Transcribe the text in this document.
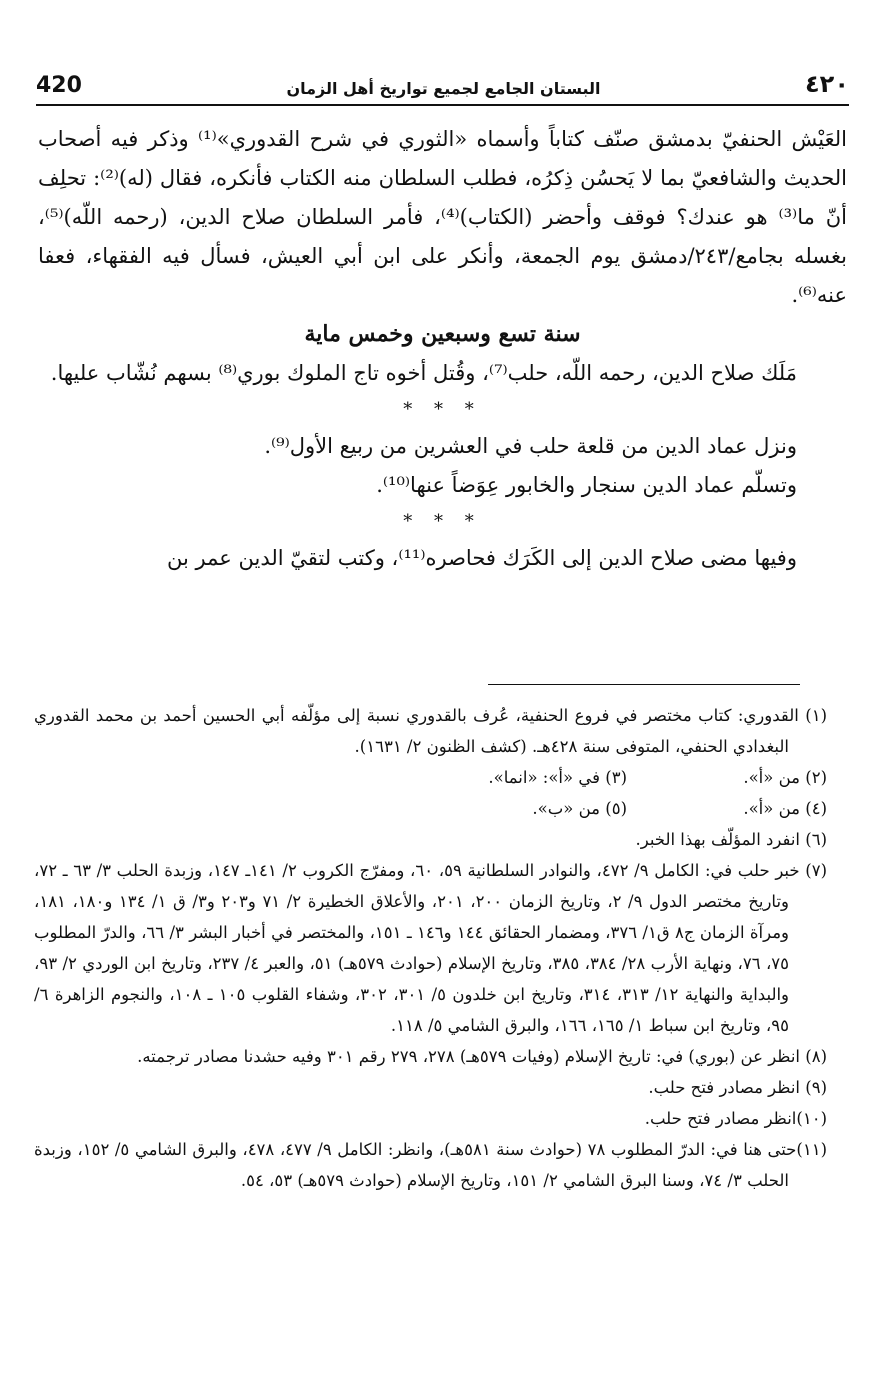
420	البستان الجامع لجميع تواريخ أهل الزمان	٤٢٠

العَيْش الحنفيّ بدمشق صنّف كتاباً وأسماه «الثوري في شرح القدوري»⁽¹⁾ وذكر فيه أصحاب الحديث والشافعيّ بما لا يَحسُن ذِكرُه، فطلب السلطان منه الكتاب فأنكره، فقال (له)⁽²⁾: تحلِف أنّ ما⁽³⁾ هو عندك؟ فوقف وأحضر (الكتاب)⁽⁴⁾، فأمر السلطان صلاح الدين، (رحمه اللّه)⁽⁵⁾، بغسله بجامع/٢٤٣/دمشق يوم الجمعة، وأنكر على ابن أبي العيش، فسأل فيه الفقهاء، فعفا عنه⁽⁶⁾.

سنة تسع وسبعين وخمس ماية

مَلَك صلاح الدين، رحمه اللّه، حلب⁽⁷⁾، وقُتل أخوه تاج الملوك بوري⁽⁸⁾ بسهم نُشّاب عليها.

* * *

ونزل عماد الدين من قلعة حلب في العشرين من ربيع الأول⁽⁹⁾.

وتسلّم عماد الدين سنجار والخابور عِوَضاً عنها⁽¹⁰⁾.

* * *

وفيها مضى صلاح الدين إلى الكَرَك فحاصره⁽¹¹⁾، وكتب لتقيّ الدين عمر بن

(١) القدوري: كتاب مختصر في فروع الحنفية، عُرف بالقدوري نسبة إلى مؤلّفه أبي الحسين أحمد بن محمد القدوري البغدادي الحنفي، المتوفى سنة ٤٢٨هـ. (كشف الظنون ٢/ ١٦٣١).

(٢) من «أ».
(٣) في «أ»: «انما».

(٤) من «أ».
(٥) من «ب».

(٦) انفرد المؤلّف بهذا الخبر.

(٧) خبر حلب في: الكامل ٩/ ٤٧٢، والنوادر السلطانية ٥٩، ٦٠، ومفرّج الكروب ٢/ ١٤١ـ ١٤٧، وزبدة الحلب ٣/ ٦٣ ـ ٧٢، وتاريخ مختصر الدول ٩/ ٢، وتاريخ الزمان ٢٠٠، ٢٠١، والأعلاق الخطيرة ٢/ ٧١ و٢٠٣ و٣/ ق ١/ ١٣٤ و١٨٠، ١٨١، ومرآة الزمان ج٨ ق١/ ٣٧٦، ومضمار الحقائق ١٤٤ و١٤٦ ـ ١٥١، والمختصر في أخبار البشر ٣/ ٦٦، والدرّ المطلوب ٧٥، ٧٦، ونهاية الأرب ٢٨/ ٣٨٤، ٣٨٥، وتاريخ الإسلام (حوادث ٥٧٩هـ) ٥١، والعبر ٤/ ٢٣٧، وتاريخ ابن الوردي ٢/ ٩٣، والبداية والنهاية ١٢/ ٣١٣، ٣١٤، وتاريخ ابن خلدون ٥/ ٣٠١، ٣٠٢، وشفاء القلوب ١٠٥ ـ ١٠٨، والنجوم الزاهرة ٦/ ٩٥، وتاريخ ابن سباط ١/ ١٦٥، ١٦٦، والبرق الشامي ٥/ ١١٨.

(٨) انظر عن (بوري) في: تاريخ الإسلام (وفيات ٥٧٩هـ) ٢٧٨، ٢٧٩ رقم ٣٠١ وفيه حشدنا مصادر ترجمته.

(٩) انظر مصادر فتح حلب.

(١٠)انظر مصادر فتح حلب.

(١١)حتى هنا في: الدرّ المطلوب ٧٨ (حوادث سنة ٥٨١هـ)، وانظر: الكامل ٩/ ٤٧٧، ٤٧٨، والبرق الشامي ٥/ ١٥٢، وزبدة الحلب ٣/ ٧٤، وسنا البرق الشامي ٢/ ١٥١، وتاريخ الإسلام (حوادث ٥٧٩هـ) ٥٣، ٥٤.
